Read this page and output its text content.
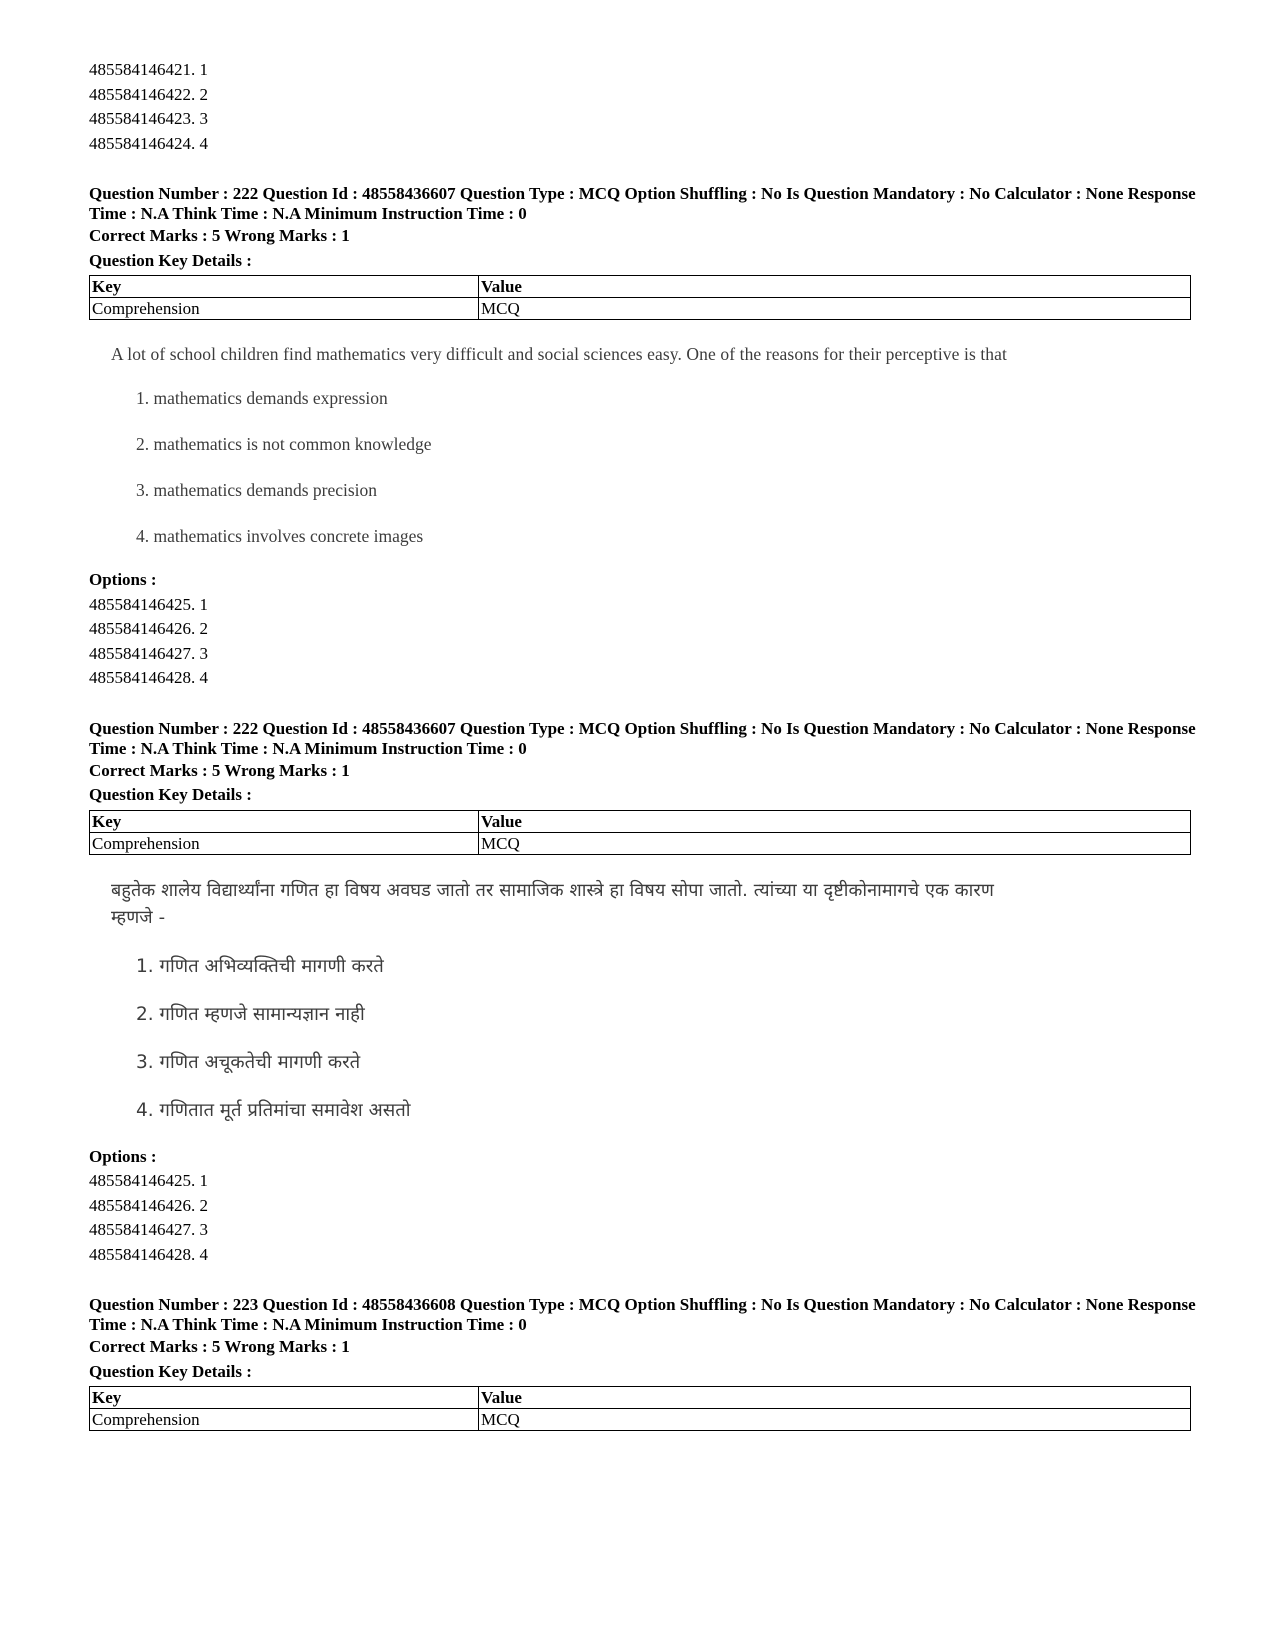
485584146421. 1
485584146422. 2
485584146423. 3
485584146424. 4
Question Number : 222 Question Id : 48558436607 Question Type : MCQ Option Shuffling : No Is Question Mandatory : No Calculator : None Response Time : N.A Think Time : N.A Minimum Instruction Time : 0
Correct Marks : 5 Wrong Marks : 1
Question Key Details :
Key	Value
Comprehension	MCQ
A lot of school children find mathematics very difficult and social sciences easy. One of the reasons for their perceptive is that
1. mathematics demands expression
2. mathematics is not common knowledge
3. mathematics demands precision
4. mathematics involves concrete images
Options :
485584146425. 1
485584146426. 2
485584146427. 3
485584146428. 4
Question Number : 222 Question Id : 48558436607 Question Type : MCQ Option Shuffling : No Is Question Mandatory : No Calculator : None Response Time : N.A Think Time : N.A Minimum Instruction Time : 0
Correct Marks : 5 Wrong Marks : 1
Question Key Details :
Key	Value
Comprehension	MCQ
बहुतेक शालेय विद्यार्थ्यांना गणित हा विषय अवघड जातो तर सामाजिक शास्त्रे हा विषय सोपा जातो. त्यांच्या या दृष्टीकोनामागचे एक कारण म्हणजे -
1. गणित अभिव्यक्तिची मागणी करते
2. गणित म्हणजे सामान्यज्ञान नाही
3. गणित अचूकतेची मागणी करते
4. गणितात मूर्त प्रतिमांचा समावेश असतो
Options :
485584146425. 1
485584146426. 2
485584146427. 3
485584146428. 4
Question Number : 223 Question Id : 48558436608 Question Type : MCQ Option Shuffling : No Is Question Mandatory : No Calculator : None Response Time : N.A Think Time : N.A Minimum Instruction Time : 0
Correct Marks : 5 Wrong Marks : 1
Question Key Details :
Key	Value
Comprehension	MCQ
